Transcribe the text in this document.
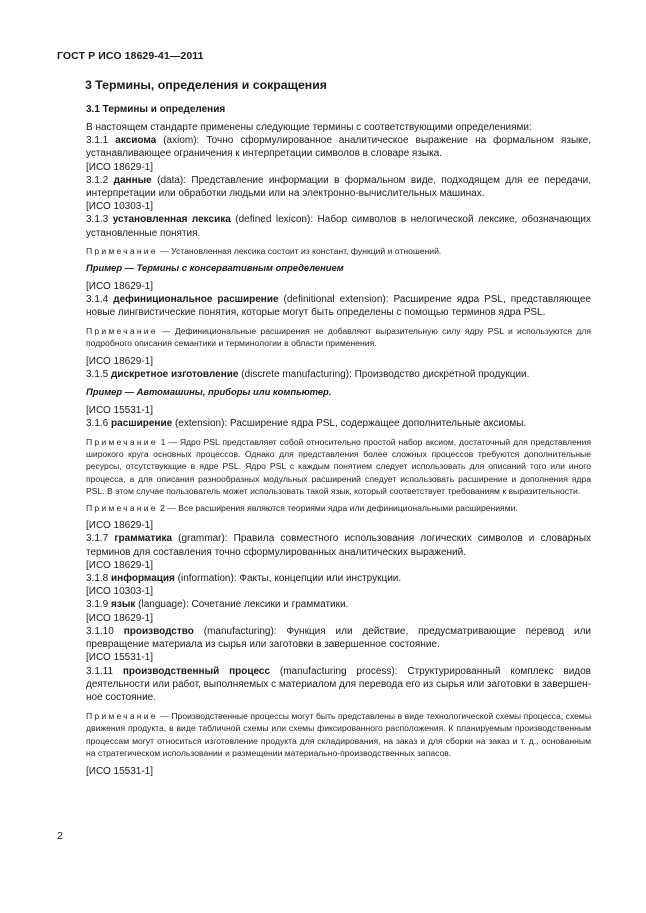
ГОСТ Р ИСО 18629-41—2011
3 Термины, определения и сокращения
3.1 Термины и определения

В настоящем стандарте применены следующие термины с соответствующими определениями:

3.1.1 аксиома (axiom): Точно сформулированное аналитическое выражение на формальном языке, устанавливающее ограничения к интерпретации символов в словаре языка.

[ИСО 18629-1]

3.1.2 данные (data): Представление информации в формальном виде, подходящем для ее передачи, интерпретации или обработки людьми или на электронно-вычислительных машинах.

[ИСО 10303-1]

3.1.3 установленная лексика (defined lexicon): Набор символов в нелогической лексике, обозначающих установленные понятия.

Примечание — Установленная лексика состоит из констант, функций и отношений.

Пример — Термины с консервативным определением

[ИСО 18629-1]

3.1.4 дефинициональное расширение (definitional extension): Расширение ядра PSL, представляющее новые лингвистические понятия, которые могут быть определены с помощью терминов ядра PSL.

Примечание — Дефинициональные расширения не добавляют выразительную силу ядру PSL и используются для подробного описания семантики и терминологии в области применения.

[ИСО 18629-1]

3.1.5 дискретное изготовление (discrete manufacturing): Производство дискретной продукции.

Пример — Автомашины, приборы или компьютер.

[ИСО 15531-1]

3.1.6 расширение (extension): Расширение ядра PSL, содержащее дополнительные аксиомы.

Примечание 1 — Ядро PSL представляет собой относительно простой набор аксиом, достаточный для представления широкого круга основных процессов. Однако для представления более сложных процессов требуются дополнительные ресурсы, отсутствующие в ядре PSL. Ядро PSL с каждым понятием следует использовать для описаний того или иного процесса, а для описания разнообразных модульных расширений следует использовать расширение и дополнения ядра PSL. В этом случае пользователь может использовать такой язык, который соответствует требованиям к выразительности.

Примечание 2 — Все расширения являются теориями ядра или дефинициональными расширениями.

[ИСО 18629-1]

3.1.7 грамматика (grammar): Правила совместного использования логических символов и словарных терминов для составления точно сформулированных аналитических выражений.

[ИСО 18629-1]

3.1.8 информация (information): Факты, концепции или инструкции.

[ИСО 10303-1]

3.1.9 язык (language): Сочетание лексики и грамматики.

[ИСО 18629-1]

3.1.10 производство (manufacturing): Функция или действие, предусматривающие перевод или превращение материала из сырья или заготовки в завершенное состояние.

[ИСО 15531-1]

3.1.11 производственный процесс (manufacturing process): Структурированный комплекс видов деятельности или работ, выполняемых с материалом для перевода его из сырья или заготовки в завершенное состояние.

Примечание — Производственные процессы могут быть представлены в виде технологической схемы процесса, схемы движения продукта, в виде табличной схемы или схемы фиксированного расположения. К планируемым производственным процессам могут относиться изготовление продукта для складирования, на заказ и для сборки на заказ и т. д., основанным на стратегическом использовании и размещении материально-производственных запасов.

[ИСО 15531-1]

2
